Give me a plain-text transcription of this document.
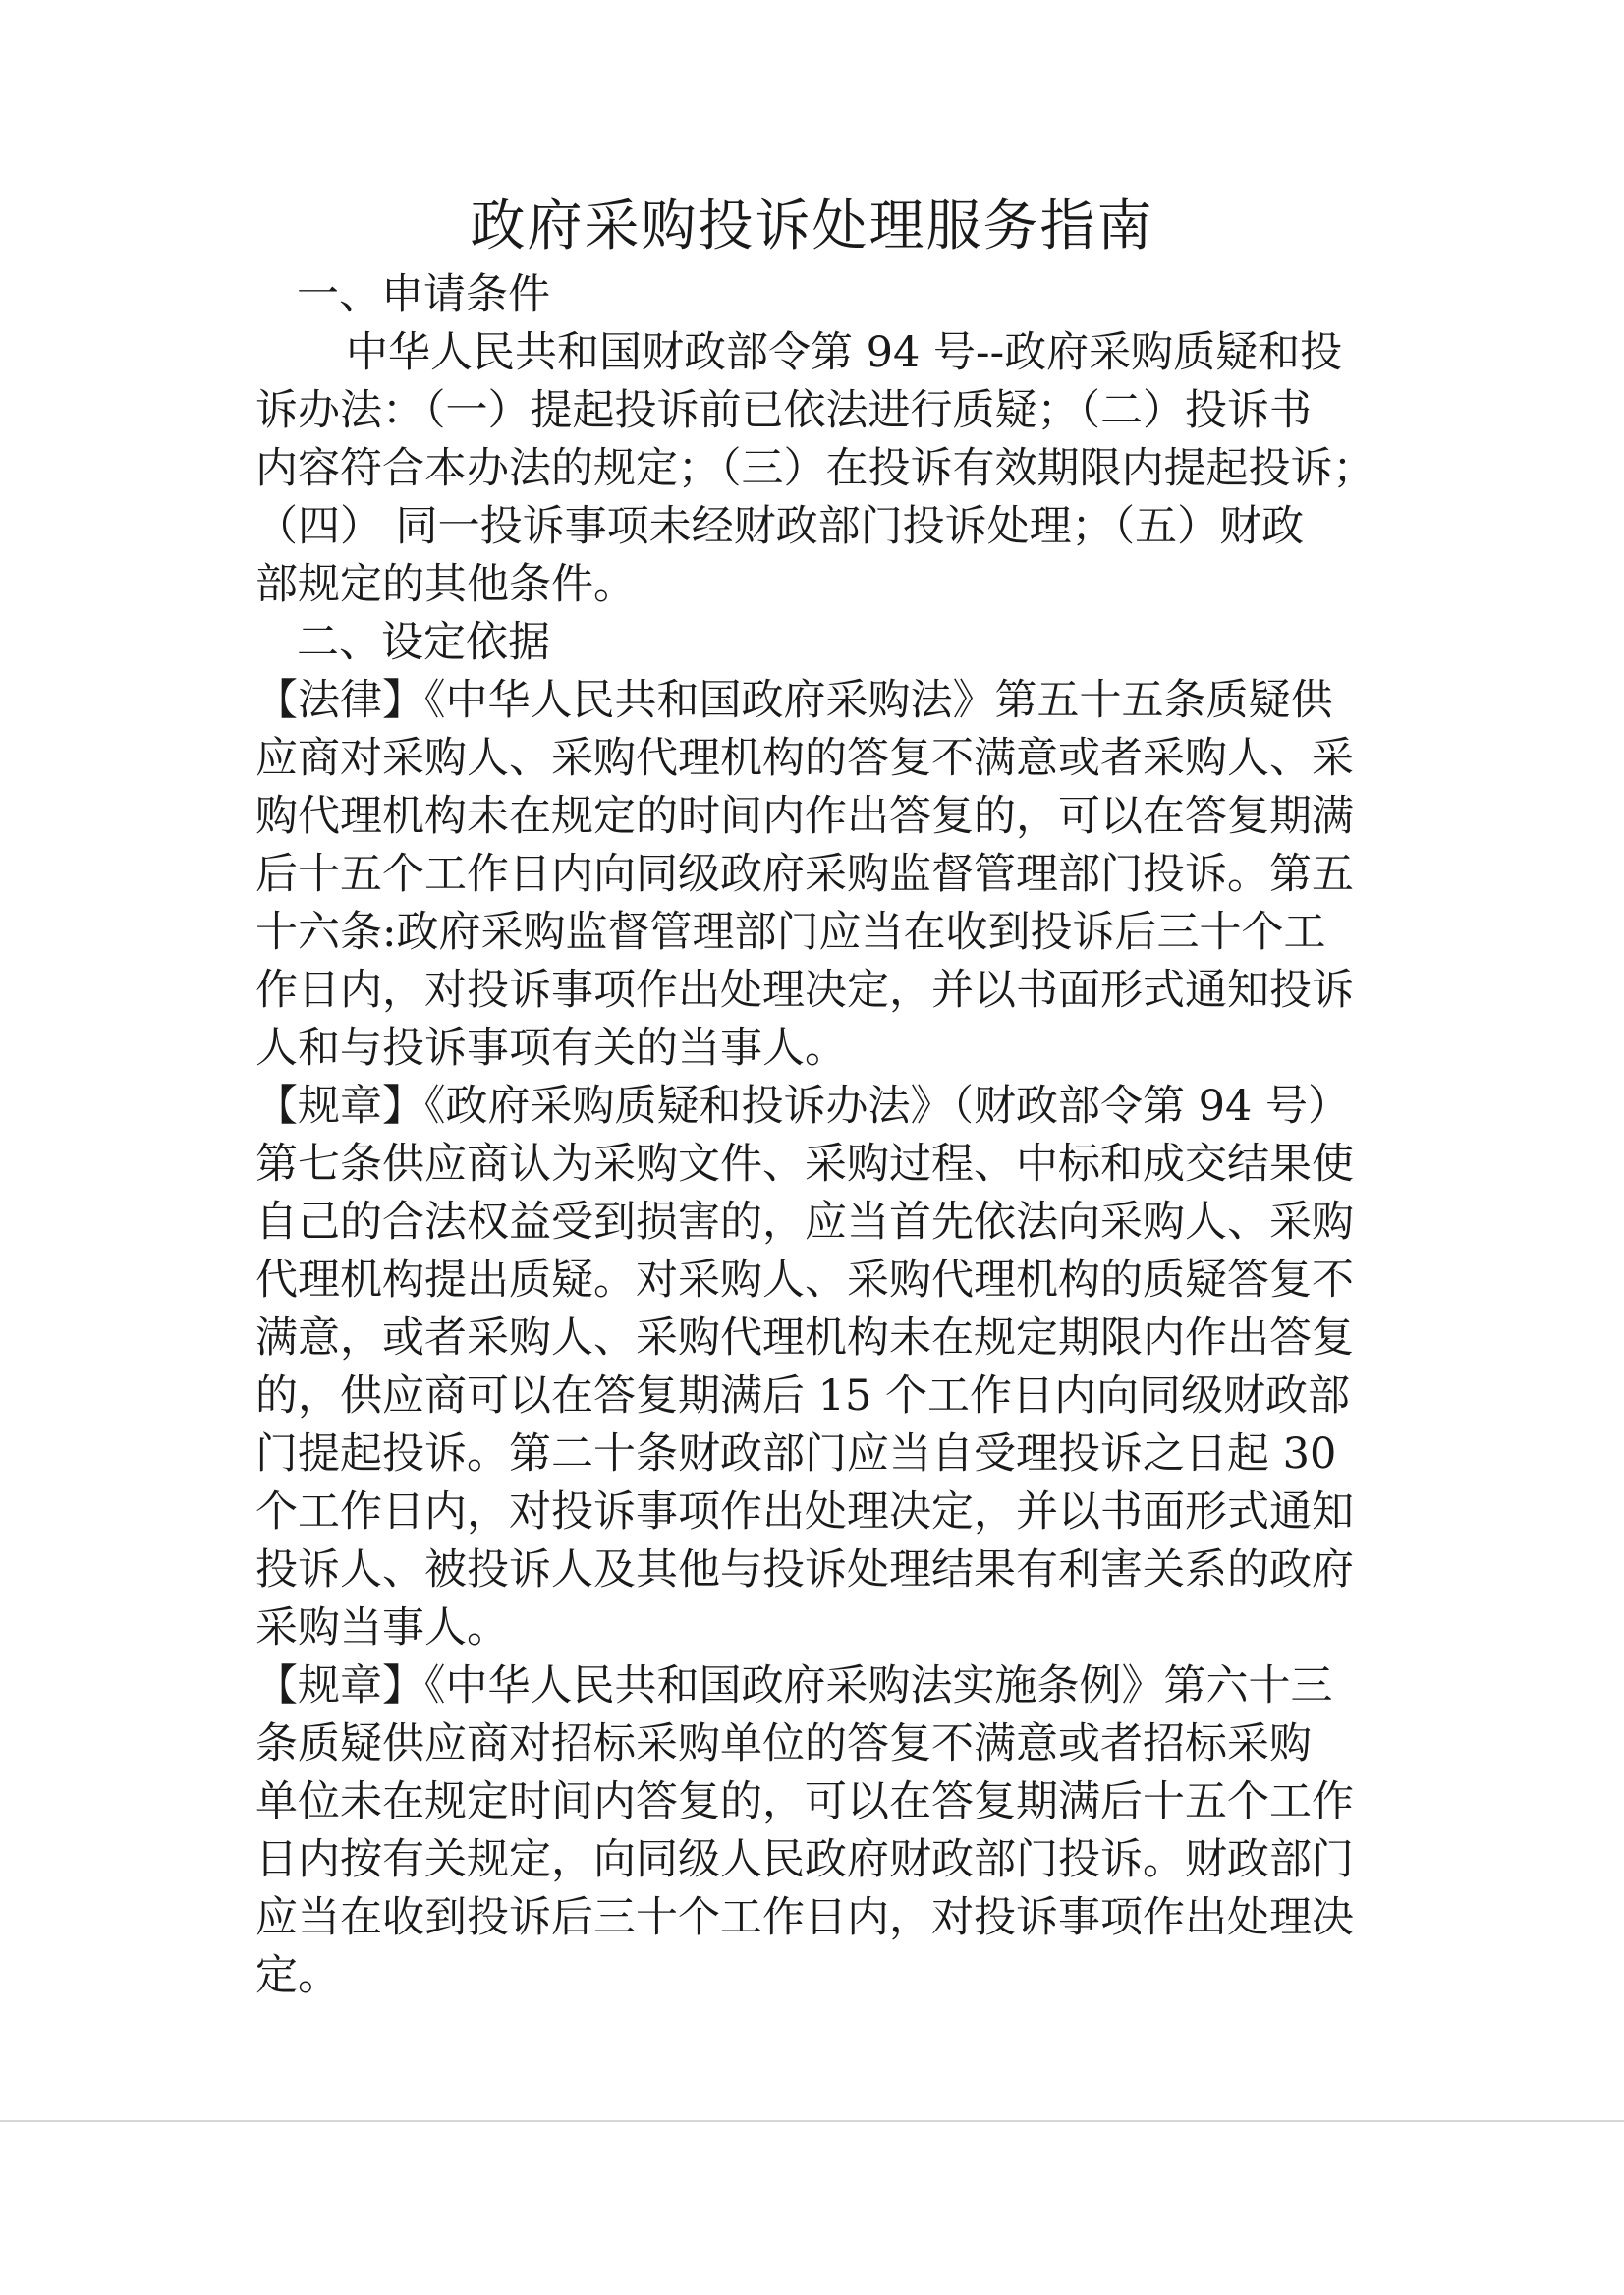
政府采购投诉处理服务指南
一、申请条件
中华人民共和国财政部令第 94 号--政府采购质疑和投
诉办法：（一）提起投诉前已依法进行质疑；（二）投诉书
内容符合本办法的规定；（三）在投诉有效期限内提起投诉；
（四） 同一投诉事项未经财政部门投诉处理；（五）财政
部规定的其他条件。
二、设定依据
【法律】《中华人民共和国政府采购法》第五十五条质疑供
应商对采购人、采购代理机构的答复不满意或者采购人、采
购代理机构未在规定的时间内作出答复的，可以在答复期满
后十五个工作日内向同级政府采购监督管理部门投诉。第五
十六条:政府采购监督管理部门应当在收到投诉后三十个工
作日内，对投诉事项作出处理决定，并以书面形式通知投诉
人和与投诉事项有关的当事人。
【规章】《政府采购质疑和投诉办法》（财政部令第 94 号）
第七条供应商认为采购文件、采购过程、中标和成交结果使
自己的合法权益受到损害的，应当首先依法向采购人、采购
代理机构提出质疑。对采购人、采购代理机构的质疑答复不
满意，或者采购人、采购代理机构未在规定期限内作出答复
的，供应商可以在答复期满后 15 个工作日内向同级财政部
门提起投诉。第二十条财政部门应当自受理投诉之日起 30
个工作日内，对投诉事项作出处理决定，并以书面形式通知
投诉人、被投诉人及其他与投诉处理结果有利害关系的政府
采购当事人。
【规章】《中华人民共和国政府采购法实施条例》第六十三
条质疑供应商对招标采购单位的答复不满意或者招标采购
单位未在规定时间内答复的，可以在答复期满后十五个工作
日内按有关规定，向同级人民政府财政部门投诉。财政部门
应当在收到投诉后三十个工作日内，对投诉事项作出处理决
定。
